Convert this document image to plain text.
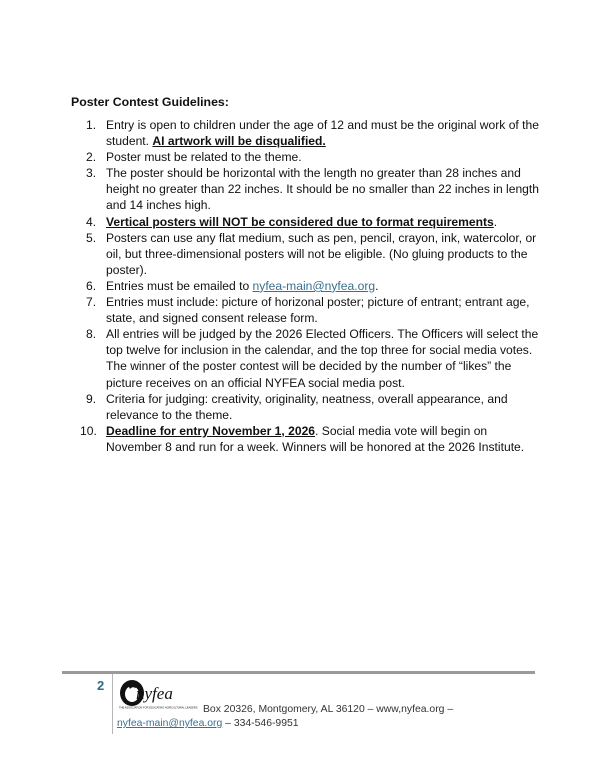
Poster Contest Guidelines:
1. Entry is open to children under the age of 12 and must be the original work of the student. AI artwork will be disqualified.
2. Poster must be related to the theme.
3. The poster should be horizontal with the length no greater than 28 inches and height no greater than 22 inches. It should be no smaller than 22 inches in length and 14 inches high.
4. Vertical posters will NOT be considered due to format requirements.
5. Posters can use any flat medium, such as pen, pencil, crayon, ink, watercolor, or oil, but three-dimensional posters will not be eligible. (No gluing products to the poster).
6. Entries must be emailed to nyfea-main@nyfea.org.
7. Entries must include: picture of horizonal poster; picture of entrant; entrant age, state, and signed consent release form.
8. All entries will be judged by the 2026 Elected Officers. The Officers will select the top twelve for inclusion in the calendar, and the top three for social media votes. The winner of the poster contest will be decided by the number of “likes” the picture receives on an official NYFEA social media post.
9. Criteria for judging: creativity, originality, neatness, overall appearance, and relevance to the theme.
10. Deadline for entry November 1, 2026. Social media vote will begin on November 8 and run for a week. Winners will be honored at the 2026 Institute.
2 nyfea
THE ASSOCIATION FOR EDUCATING AGRICULTURAL LEADERS Box 20326, Montgomery, AL 36120 – www,nyfea.org –
nyfea-main@nyfea.org – 334-546-9951
